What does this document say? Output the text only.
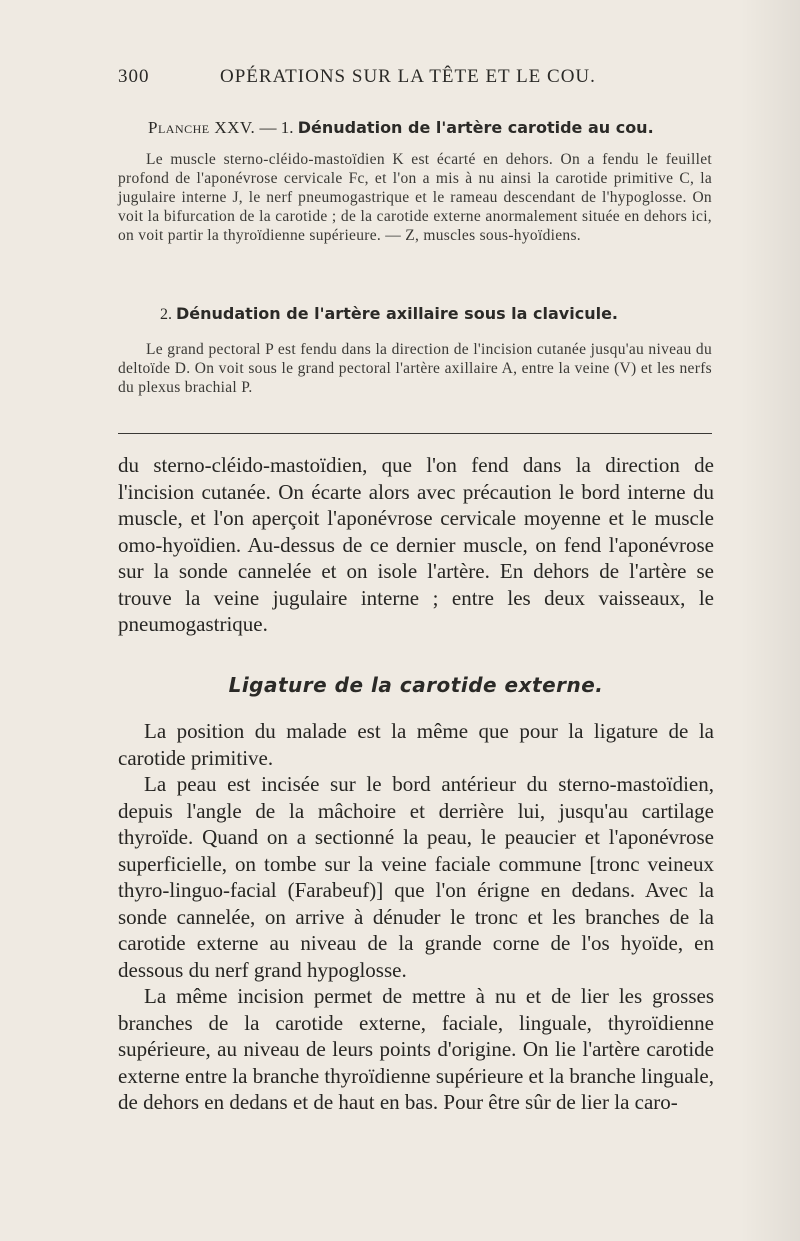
300	OPÉRATIONS SUR LA TÊTE ET LE COU.
Planche XXV. — 1. Dénudation de l'artère carotide au cou.

Le muscle sterno-cléido-mastoïdien K est écarté en dehors. On a fendu le feuillet profond de l'aponévrose cervicale Fc, et l'on a mis à nu ainsi la carotide primitive C, la jugulaire interne J, le nerf pneumogastrique et le rameau descendant de l'hypoglosse. On voit la bifurcation de la carotide ; de la carotide externe anormalement située en dehors ici, on voit partir la thyroïdienne supérieure. — Z, muscles sous-hyoïdiens.

2. Dénudation de l'artère axillaire sous la clavicule.

Le grand pectoral P est fendu dans la direction de l'incision cutanée jusqu'au niveau du deltoïde D. On voit sous le grand pectoral l'artère axillaire A, entre la veine (V) et les nerfs du plexus brachial P.

du sterno-cléido-mastoïdien, que l'on fend dans la direction de l'incision cutanée. On écarte alors avec précaution le bord interne du muscle, et l'on aperçoit l'aponévrose cervicale moyenne et le muscle omo-hyoïdien. Au-dessus de ce dernier muscle, on fend l'aponévrose sur la sonde cannelée et on isole l'artère. En dehors de l'artère se trouve la veine jugulaire interne ; entre les deux vaisseaux, le pneumogastrique.

Ligature de la carotide externe.

La position du malade est la même que pour la ligature de la carotide primitive.

La peau est incisée sur le bord antérieur du sterno-mastoïdien, depuis l'angle de la mâchoire et derrière lui, jusqu'au cartilage thyroïde. Quand on a sectionné la peau, le peaucier et l'aponévrose superficielle, on tombe sur la veine faciale commune [tronc veineux thyro-linguo-facial (Farabeuf)] que l'on érigne en dedans. Avec la sonde cannelée, on arrive à dénuder le tronc et les branches de la carotide externe au niveau de la grande corne de l'os hyoïde, en dessous du nerf grand hypoglosse.

La même incision permet de mettre à nu et de lier les grosses branches de la carotide externe, faciale, linguale, thyroïdienne supérieure, au niveau de leurs points d'origine. On lie l'artère carotide externe entre la branche thyroïdienne supérieure et la branche linguale, de dehors en dedans et de haut en bas. Pour être sûr de lier la caro-
